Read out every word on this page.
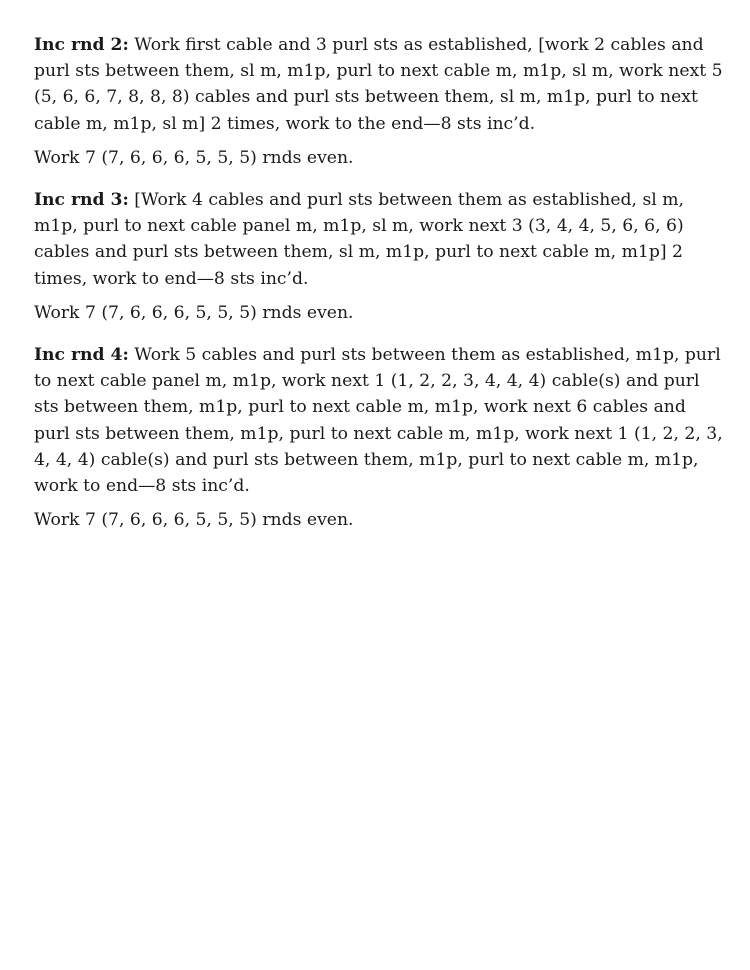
Inc rnd 2: Work first cable and 3 purl sts as established, [work 2 cables and purl sts between them, sl m, m1p, purl to next cable m, m1p, sl m, work next 5 (5, 6, 6, 7, 8, 8, 8) cables and purl sts between them, sl m, m1p, purl to next cable m, m1p, sl m] 2 times, work to the end—8 sts inc’d.

Work 7 (7, 6, 6, 6, 5, 5, 5) rnds even.

Inc rnd 3: [Work 4 cables and purl sts between them as established, sl m, m1p, purl to next cable panel m, m1p, sl m, work next 3 (3, 4, 4, 5, 6, 6, 6) cables and purl sts between them, sl m, m1p, purl to next cable m, m1p] 2 times, work to end—8 sts inc’d.

Work 7 (7, 6, 6, 6, 5, 5, 5) rnds even.

Inc rnd 4: Work 5 cables and purl sts between them as established, m1p, purl to next cable panel m, m1p, work next 1 (1, 2, 2, 3, 4, 4, 4) cable(s) and purl sts between them, m1p, purl to next cable m, m1p, work next 6 cables and purl sts between them, m1p, purl to next cable m, m1p, work next 1 (1, 2, 2, 3, 4, 4, 4) cable(s) and purl sts between them, m1p, purl to next cable m, m1p, work to end—8 sts inc’d.

Work 7 (7, 6, 6, 6, 5, 5, 5) rnds even.
